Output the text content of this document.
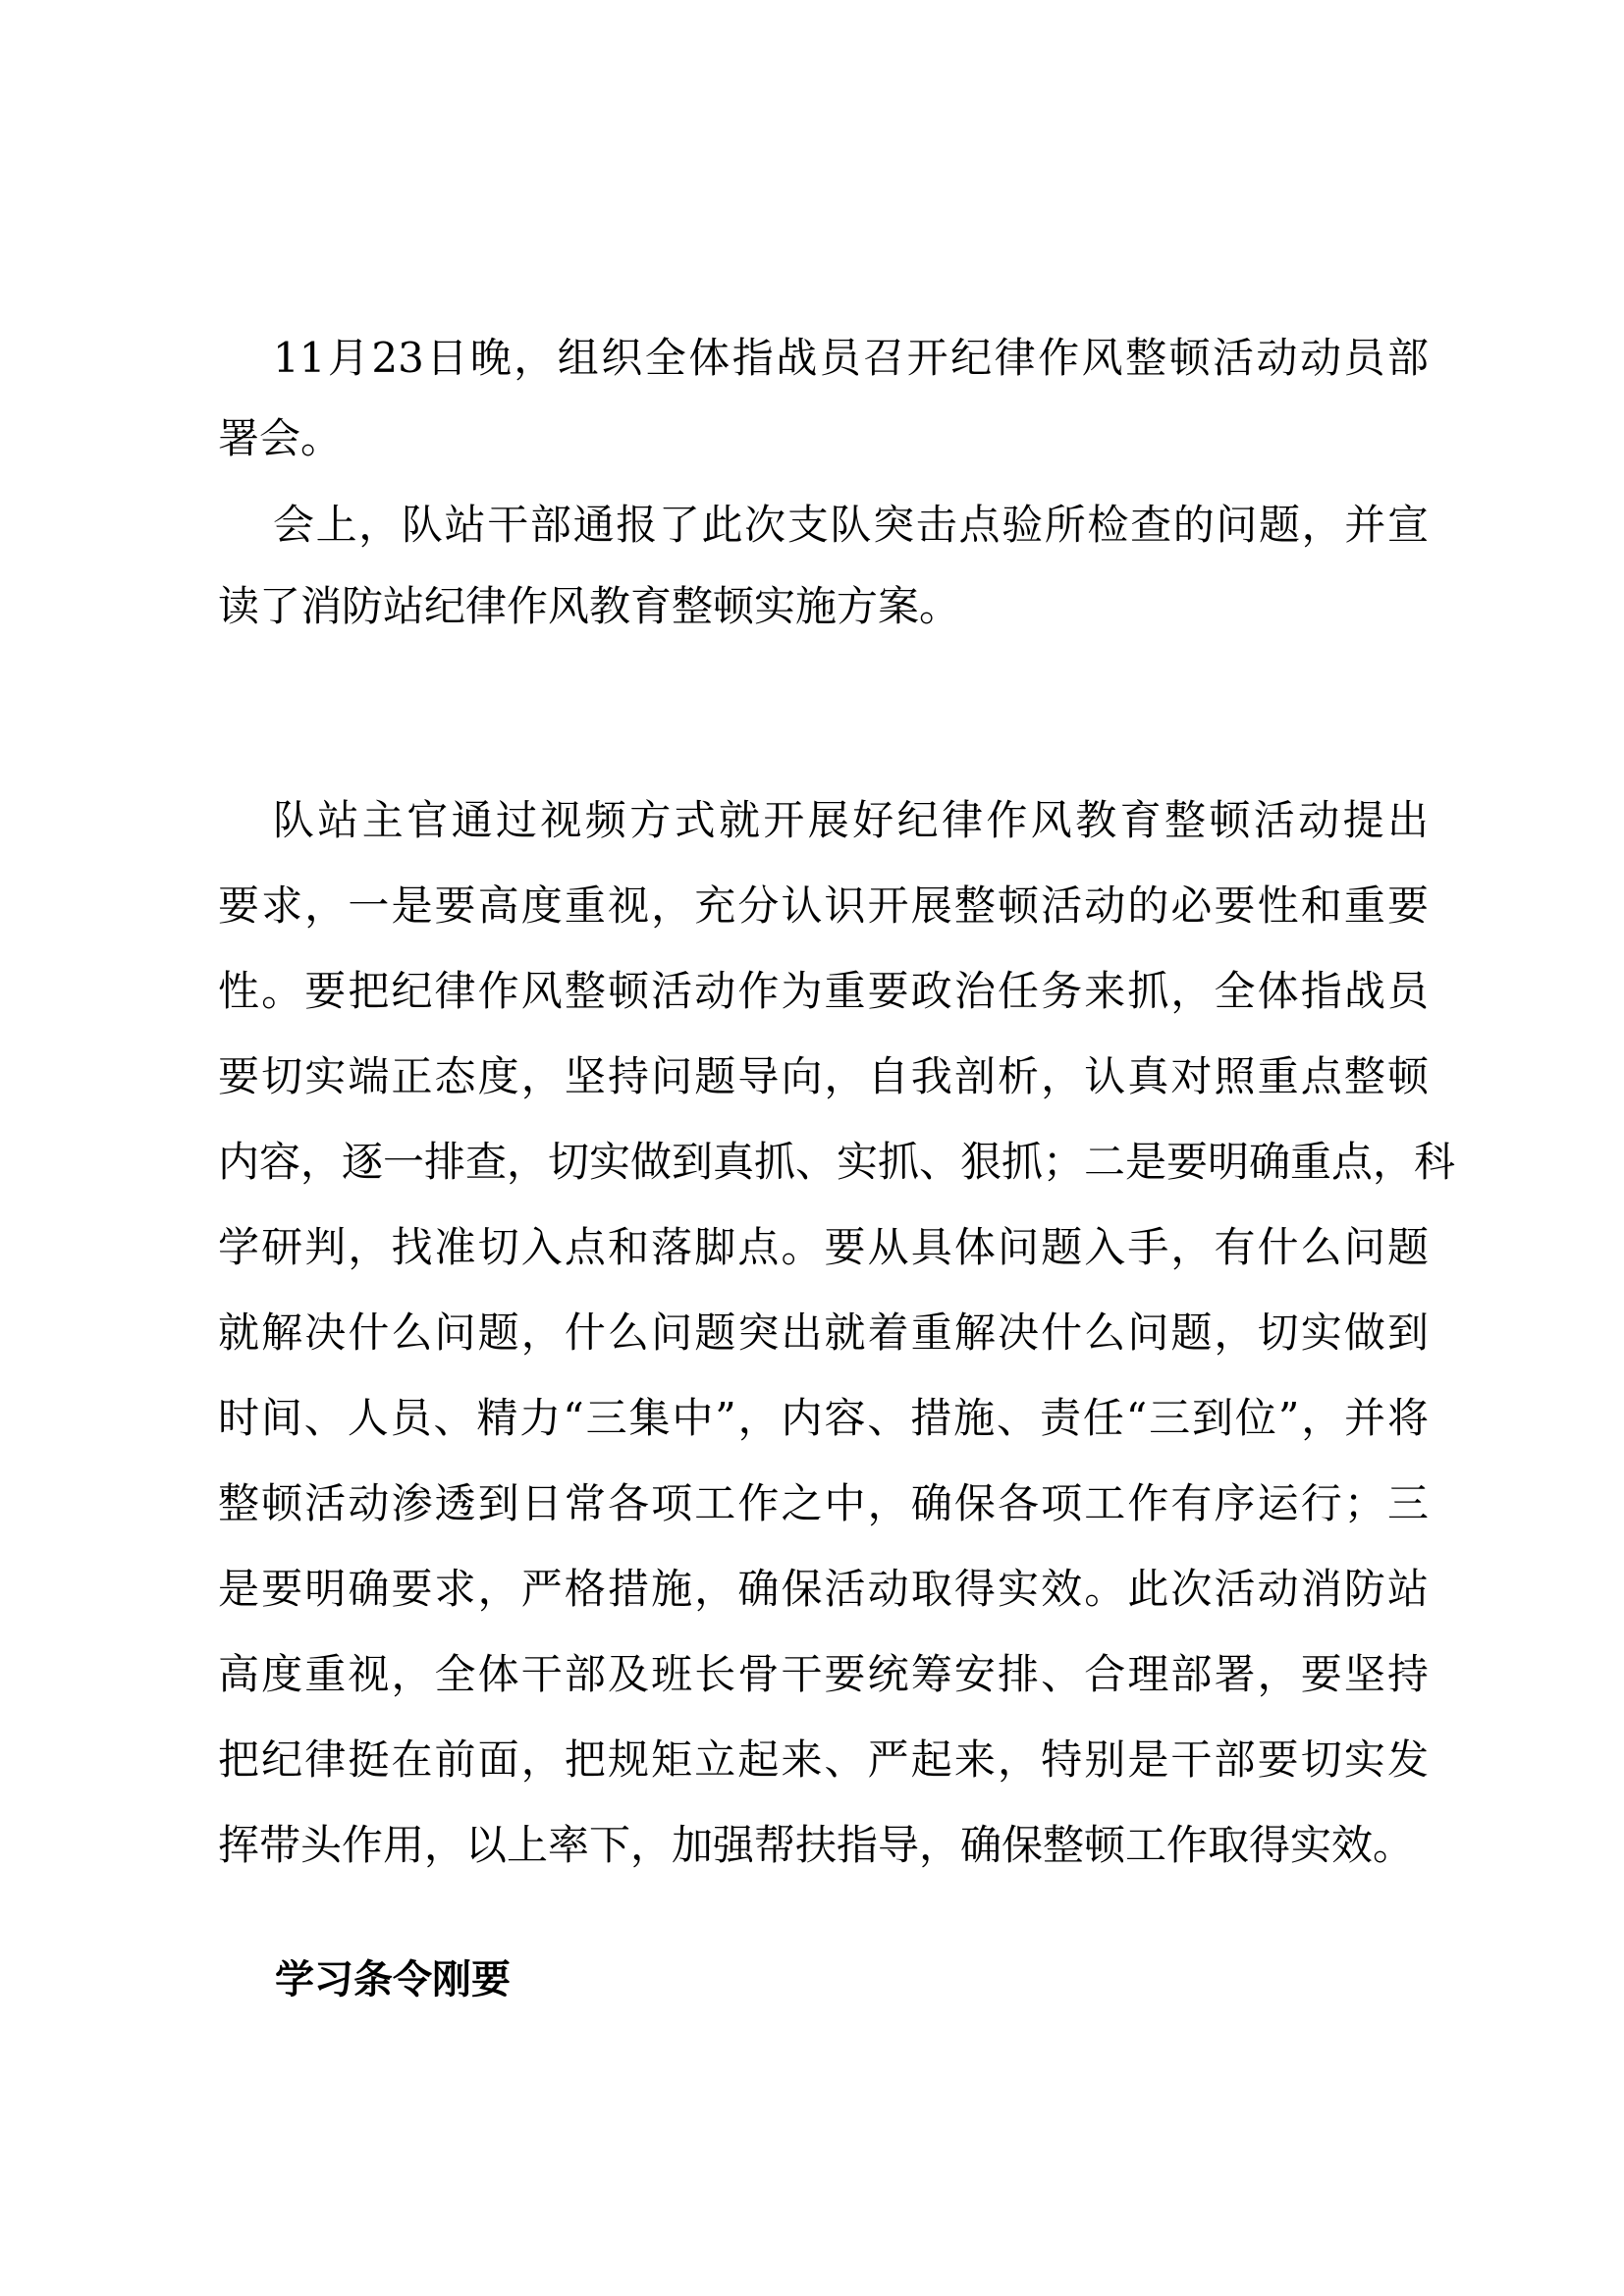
11月23日晚，组织全体指战员召开纪律作风整顿活动动员部
署会。
会上，队站干部通报了此次支队突击点验所检查的问题，并宣
读了消防站纪律作风教育整顿实施方案。
队站主官通过视频方式就开展好纪律作风教育整顿活动提出
要求，一是要高度重视，充分认识开展整顿活动的必要性和重要
性。要把纪律作风整顿活动作为重要政治任务来抓，全体指战员
要切实端正态度，坚持问题导向，自我剖析，认真对照重点整顿
内容，逐一排查，切实做到真抓、实抓、狠抓；二是要明确重点，科
学研判，找准切入点和落脚点。要从具体问题入手，有什么问题
就解决什么问题，什么问题突出就着重解决什么问题，切实做到
时间、人员、精力“三集中”，内容、措施、责任“三到位”，并将
整顿活动渗透到日常各项工作之中，确保各项工作有序运行；三
是要明确要求，严格措施，确保活动取得实效。此次活动消防站
高度重视，全体干部及班长骨干要统筹安排、合理部署，要坚持
把纪律挺在前面，把规矩立起来、严起来，特别是干部要切实发
挥带头作用，以上率下，加强帮扶指导，确保整顿工作取得实效。
学习条令刚要
